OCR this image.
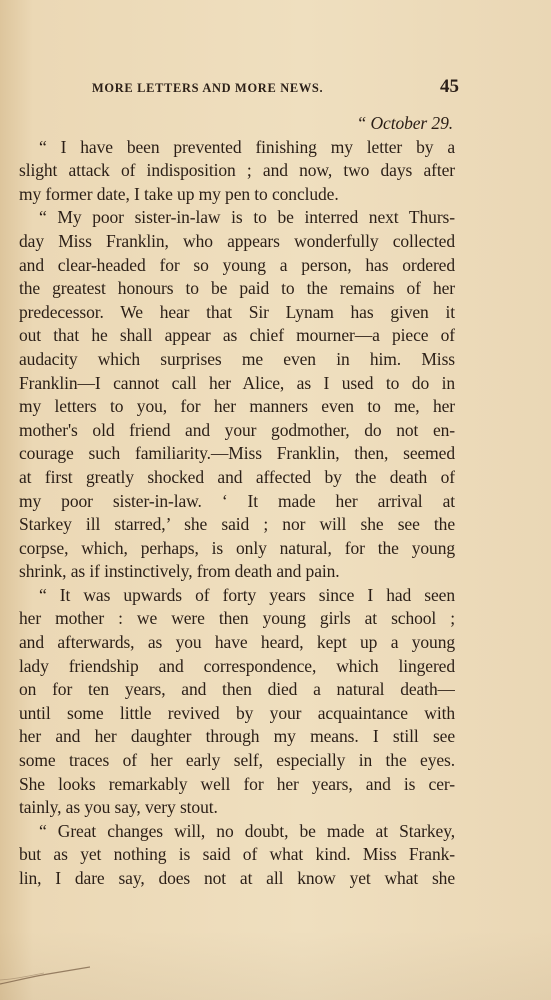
MORE LETTERS AND MORE NEWS.	45
“ October 29.
“ I have been prevented finishing my letter by a
slight attack of indisposition ; and now, two days after
my former date, I take up my pen to conclude.
“ My poor sister-in-law is to be interred next Thurs-
day Miss Franklin, who appears wonderfully collected
and clear-headed for so young a person, has ordered
the greatest honours to be paid to the remains of her
predecessor. We hear that Sir Lynam has given it
out that he shall appear as chief mourner—a piece of
audacity which surprises me even in him. Miss
Franklin—I cannot call her Alice, as I used to do in
my letters to you, for her manners even to me, her
mother's old friend and your godmother, do not en-
courage such familiarity.—Miss Franklin, then, seemed
at first greatly shocked and affected by the death of
my poor sister-in-law. ‘ It made her arrival at
Starkey ill starred,’ she said ; nor will she see the
corpse, which, perhaps, is only natural, for the young
shrink, as if instinctively, from death and pain.
“ It was upwards of forty years since I had seen
her mother : we were then young girls at school ;
and afterwards, as you have heard, kept up a young
lady friendship and correspondence, which lingered
on for ten years, and then died a natural death—
until some little revived by your acquaintance with
her and her daughter through my means. I still see
some traces of her early self, especially in the eyes.
She looks remarkably well for her years, and is cer-
tainly, as you say, very stout.
“ Great changes will, no doubt, be made at Starkey,
but as yet nothing is said of what kind. Miss Frank-
lin, I dare say, does not at all know yet what she
